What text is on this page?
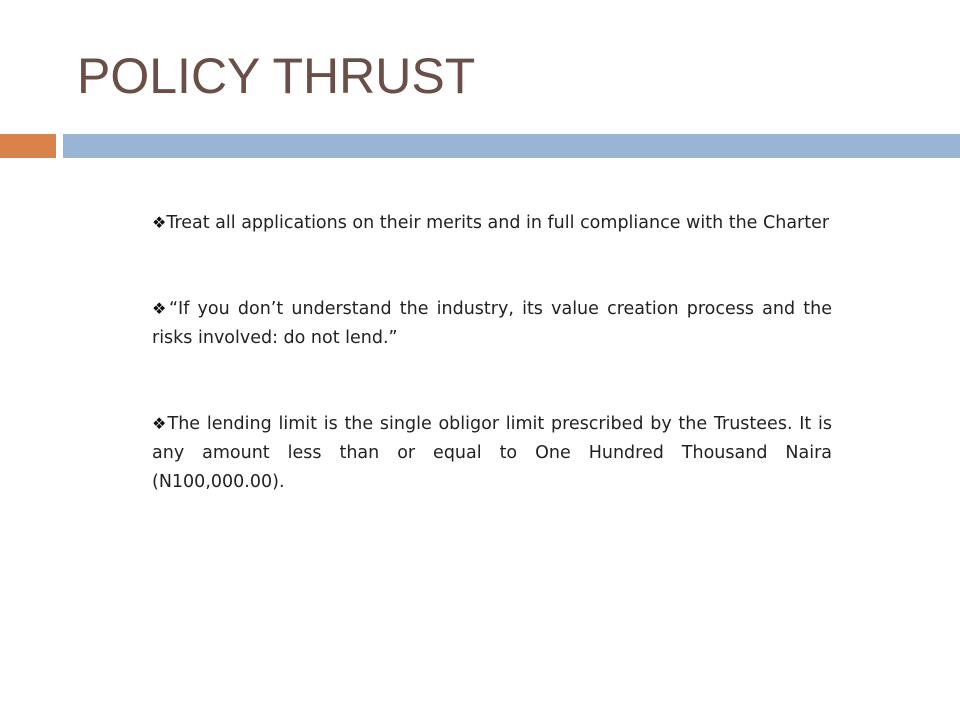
POLICY THRUST
❖Treat all applications on their merits and in full compliance with the Charter
❖“If you don’t understand the industry, its value creation process and the risks involved: do not lend.”
❖The lending limit is the single obligor limit prescribed by the Trustees. It is any amount less than or equal to One Hundred Thousand Naira (N100,000.00).
